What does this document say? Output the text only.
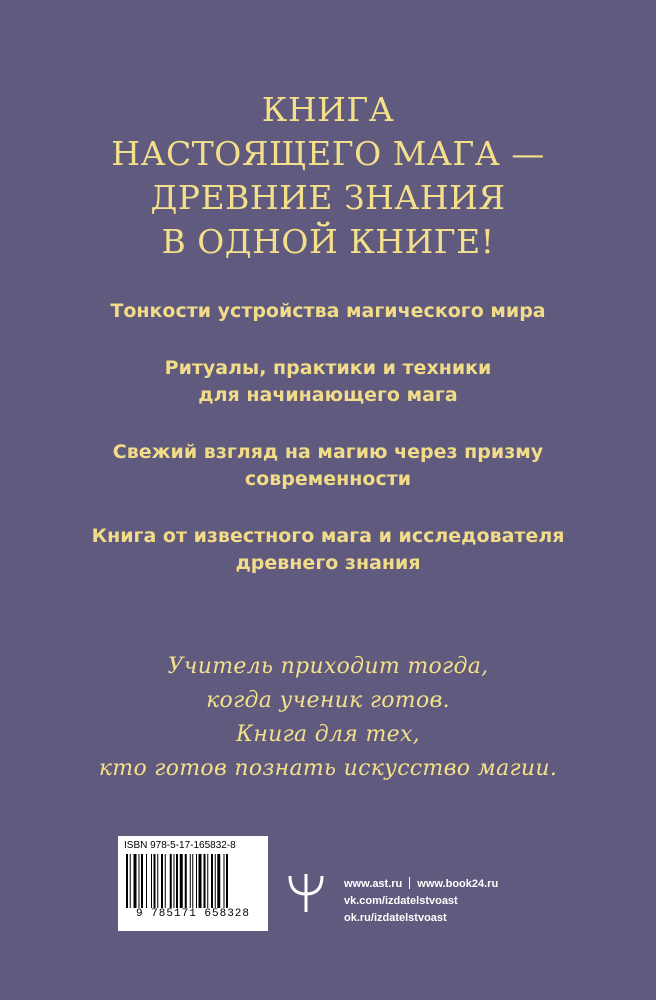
КНИГА
НАСТОЯЩЕГО МАГА —
ДРЕВНИЕ ЗНАНИЯ
В ОДНОЙ КНИГЕ!
Тонкости устройства магического мира
Ритуалы, практики и техники
для начинающего мага
Свежий взгляд на магию через призму
современности
Книга от известного мага и исследователя
древнего знания
Учитель приходит тогда,
когда ученик готов.
Книга для тех,
кто готов познать искусство магии.
ISBN 978-5-17-165832-8
9 785171 658328
www.ast.ru www.book24.ru
vk.com/izdatelstvoast
ok.ru/izdatelstvoast
